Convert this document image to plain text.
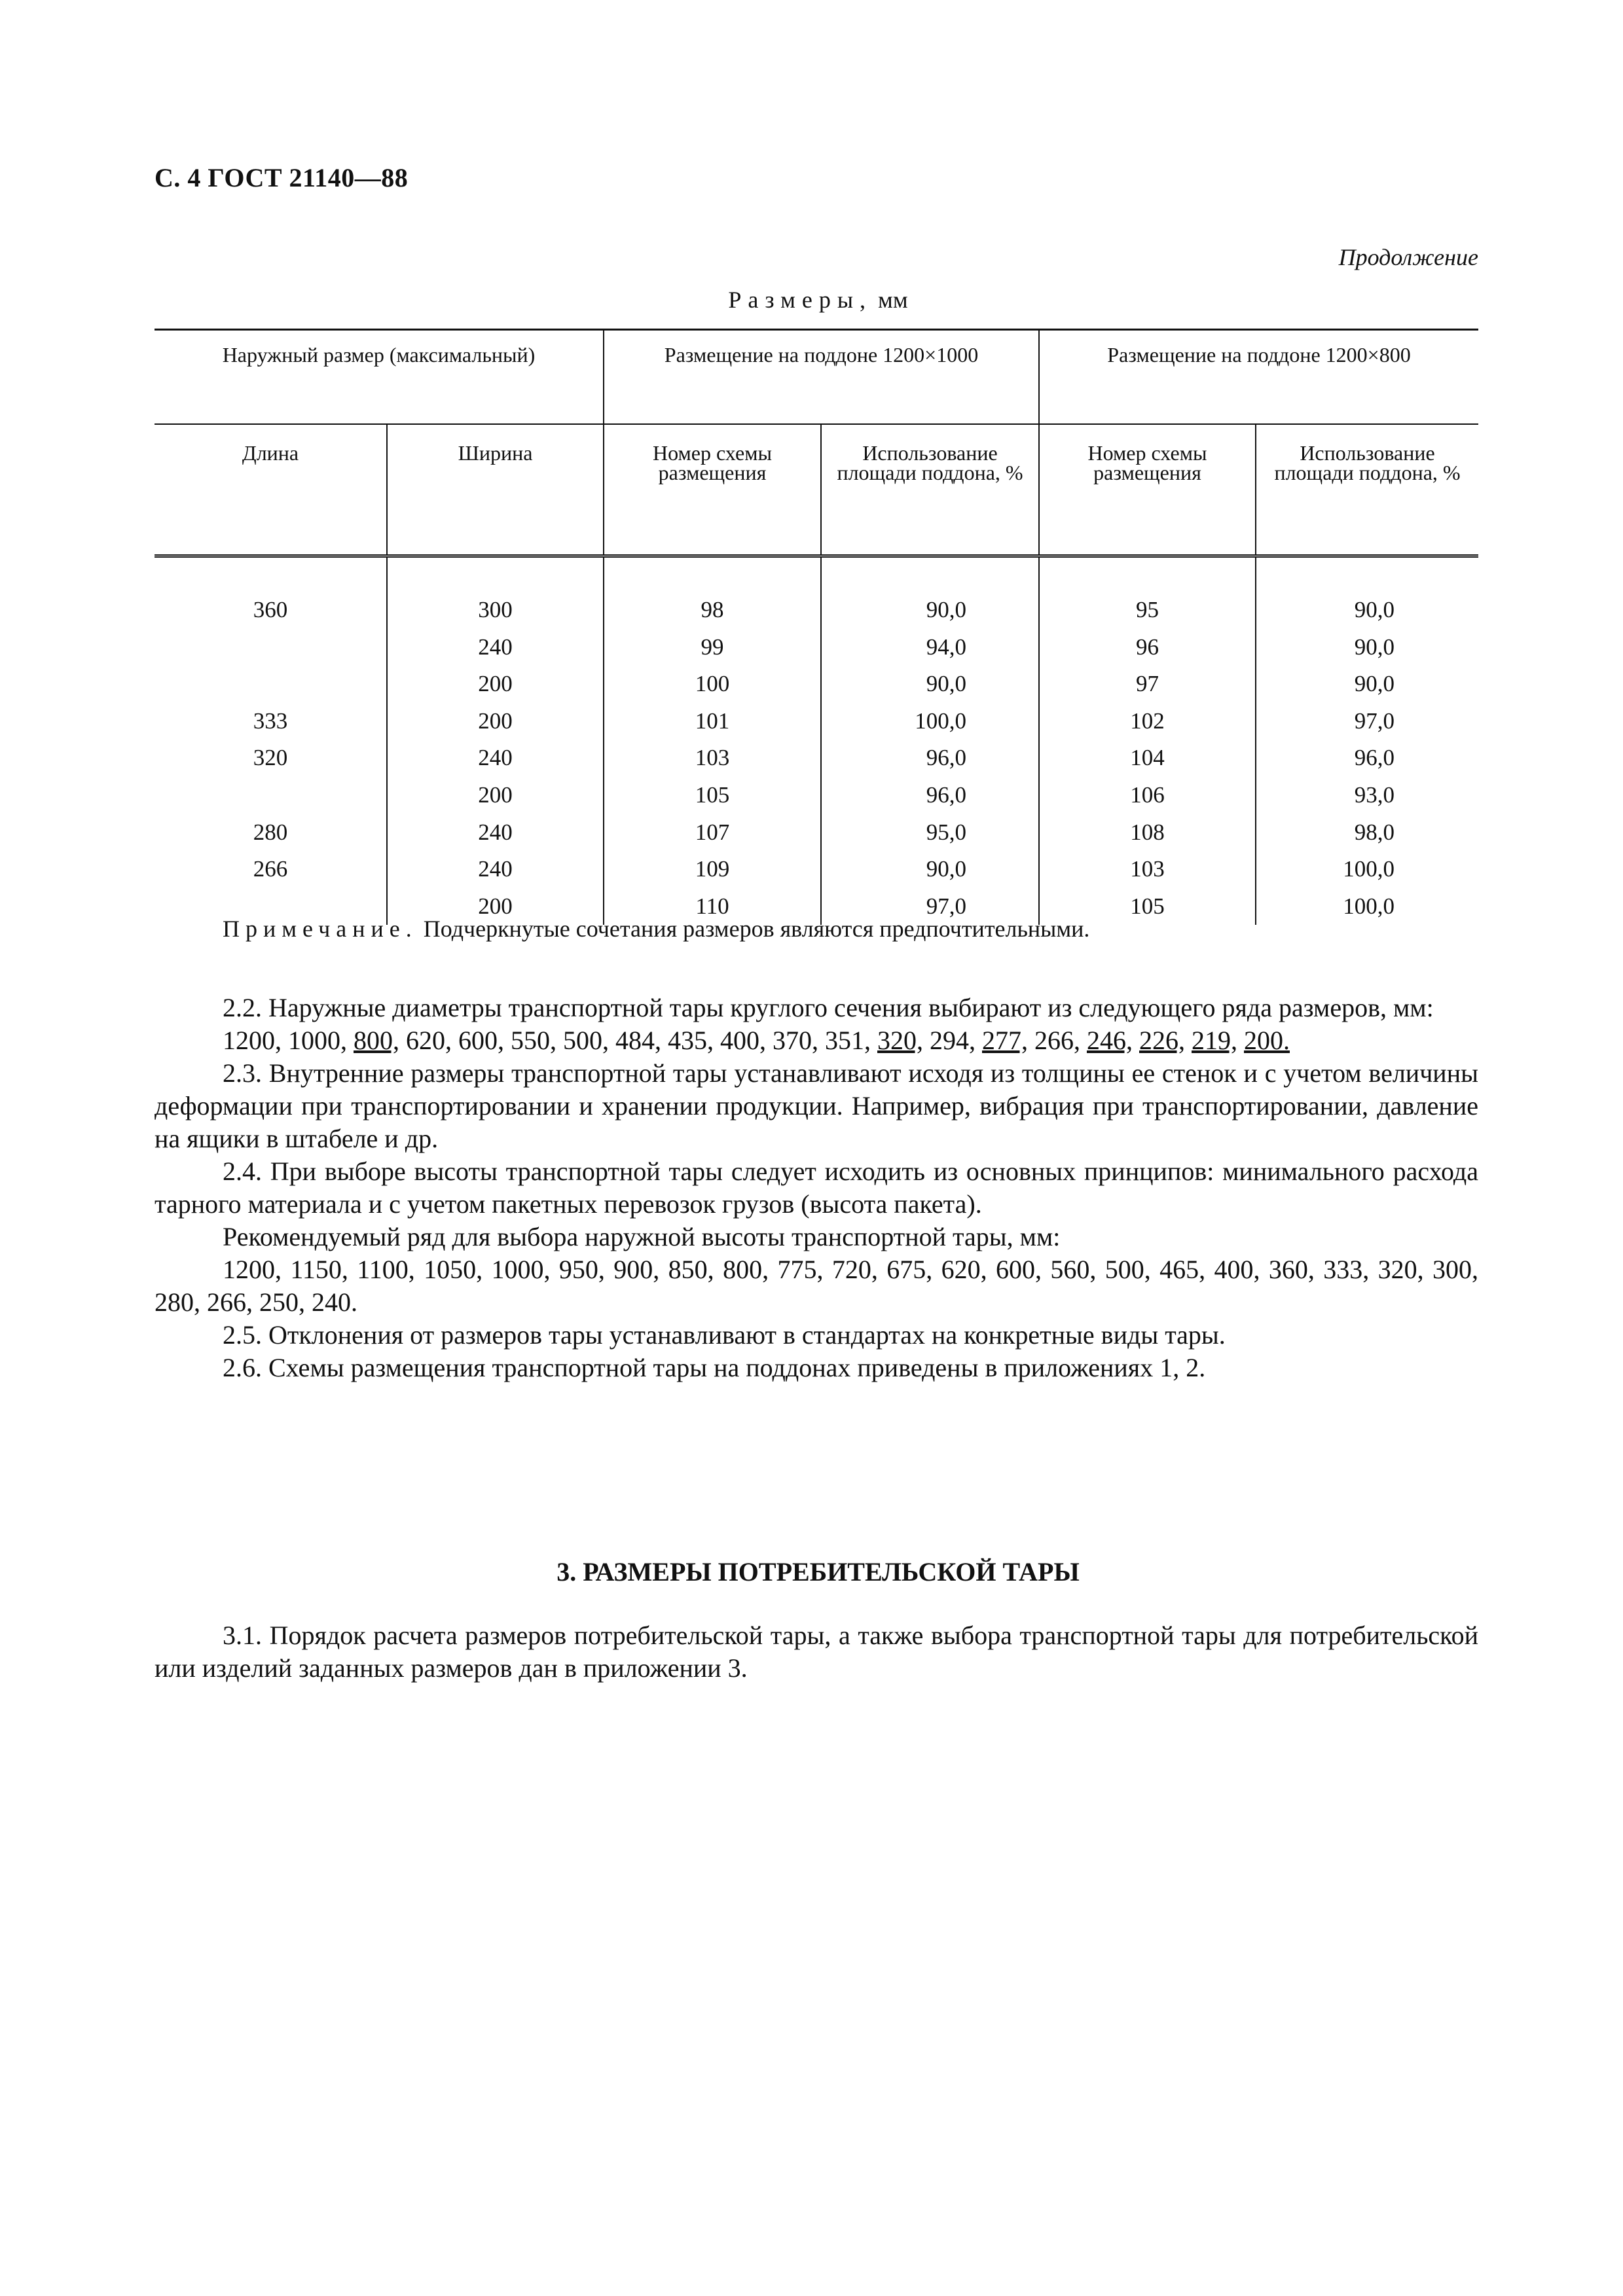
С. 4 ГОСТ 21140—88
Продолжение
Размеры, мм
Наружный размер (максимальный)		Размещение на поддоне 1200×1000		Размещение на поддоне 1200×800	
Длина	Ширина	Номер схемы размещения	Использование площади поддона, %	Номер схемы размещения	Использование площади поддона, %
360	300	98	90,0	95	90,0
	240	99	94,0	96	90,0
	200	100	90,0	97	90,0
333	200	101	100,0	102	97,0
320	240	103	96,0	104	96,0
	200	105	96,0	106	93,0
280	240	107	95,0	108	98,0
266	240	109	90,0	103	100,0
	200	110	97,0	105	100,0
Примечание. Подчеркнутые сочетания размеров являются предпочтительными.

2.2. Наружные диаметры транспортной тары круглого сечения выбирают из следующего ряда размеров, мм:

1200, 1000, 800, 620, 600, 550, 500, 484, 435, 400, 370, 351, 320, 294, 277, 266, 246, 226, 219, 200.

2.3. Внутренние размеры транспортной тары устанавливают исходя из толщины ее стенок и с учетом величины деформации при транспортировании и хранении продукции. Например, вибрация при транспортировании, давление на ящики в штабеле и др.

2.4. При выборе высоты транспортной тары следует исходить из основных принципов: минимального расхода тарного материала и с учетом пакетных перевозок грузов (высота пакета).

Рекомендуемый ряд для выбора наружной высоты транспортной тары, мм:

1200, 1150, 1100, 1050, 1000, 950, 900, 850, 800, 775, 720, 675, 620, 600, 560, 500, 465, 400, 360, 333, 320, 300, 280, 266, 250, 240.

2.5. Отклонения от размеров тары устанавливают в стандартах на конкретные виды тары.

2.6. Схемы размещения транспортной тары на поддонах приведены в приложениях 1, 2.

3. РАЗМЕРЫ ПОТРЕБИТЕЛЬСКОЙ ТАРЫ

3.1. Порядок расчета размеров потребительской тары, а также выбора транспортной тары для потребительской или изделий заданных размеров дан в приложении 3.
